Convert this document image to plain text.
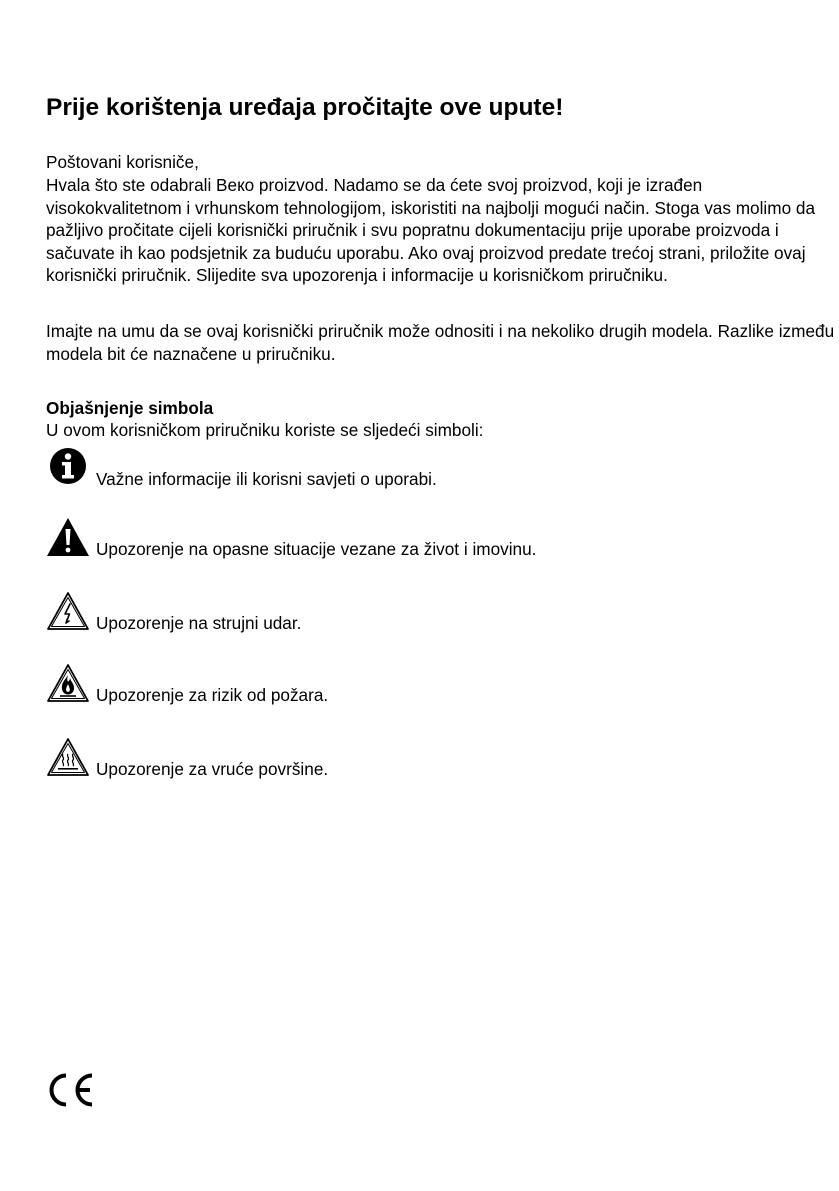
Prije korištenja uređaja pročitajte ove upute!

Poštovani korisniče,

Hvala što ste odabrali Beкo proizvod. Nadamo se da ćete svoj proizvod, koji je izrađen visokokvalitetnom i vrhunskom tehnologijom, iskoristiti na najbolji mogući način. Stoga vas molimo da pažljivo pročitate cijeli korisnički priručnik i svu popratnu dokumentaciju prije uporabe proizvoda i sačuvate ih kao podsjetnik za buduću uporabu. Ako ovaj proizvod predate trećoj strani, priložite ovaj korisnički priručnik. Slijedite sva upozorenja i informacije u korisničkom priručniku.

Imajte na umu da se ovaj korisnički priručnik može odnositi i na nekoliko drugih modela. Razlike između modela bit će naznačene u priručniku.

Objašnjenje simbola

U ovom korisničkom priručniku koriste se sljedeći simboli:

Važne informacije ili korisni savjeti o uporabi.
Upozorenje na opasne situacije vezane za život i imovinu.
Upozorenje na strujni udar.
Upozorenje za rizik od požara.
Upozorenje za vruće površine.
